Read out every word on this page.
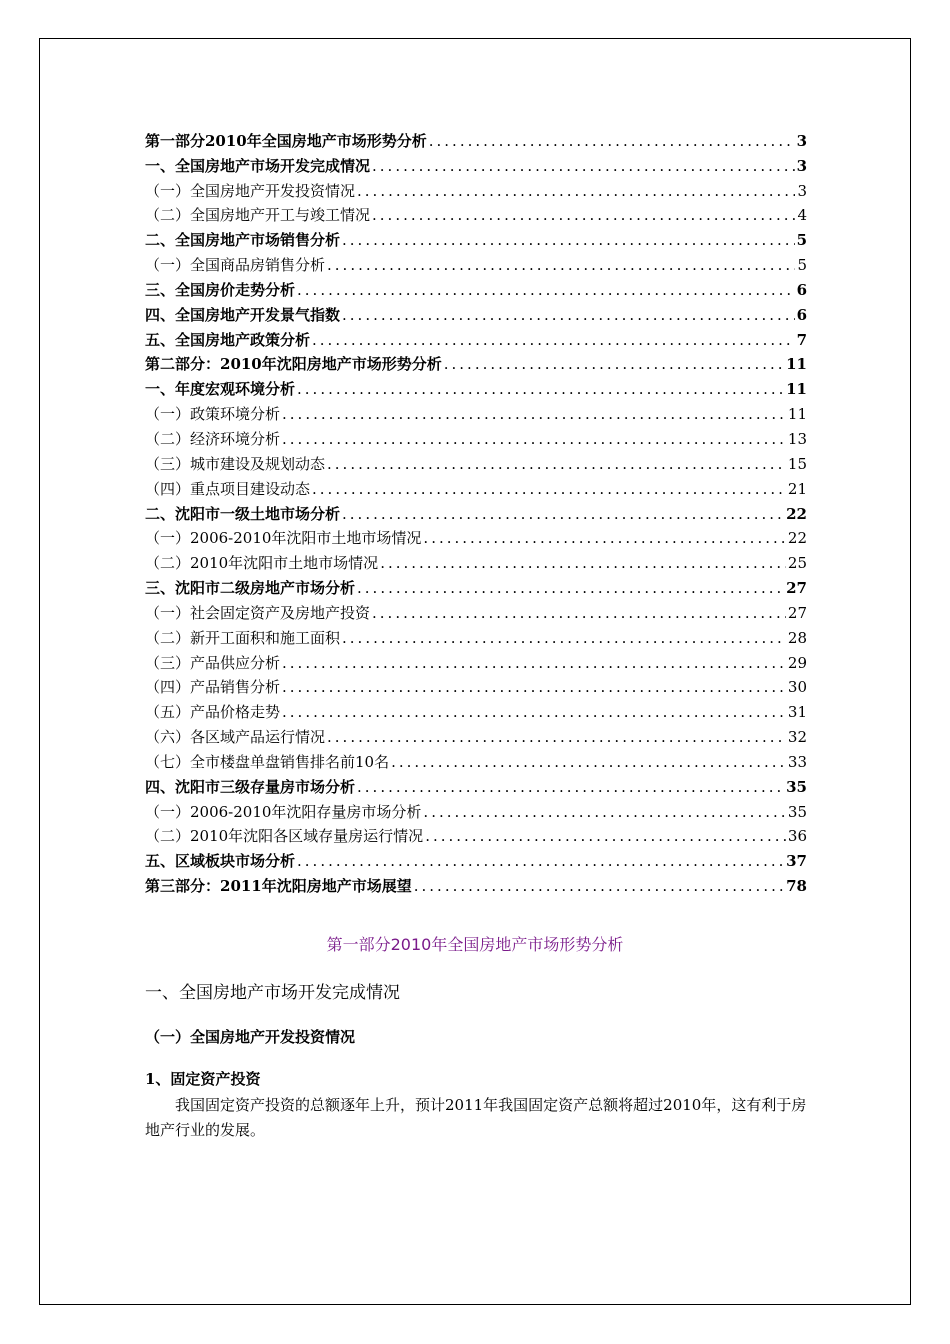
第一部分2010年全国房地产市场形势分析 .....	3
一、全国房地产市场开发完成情况 .....	3
（一）全国房地产开发投资情况 .....	3
（二）全国房地产开工与竣工情况 .....	4
二、全国房地产市场销售分析 .....	5
（一）全国商品房销售分析 .....	5
三、全国房价走势分析 .....	6
四、全国房地产开发景气指数 .....	6
五、全国房地产政策分析 .....	7
第二部分：2010年沈阳房地产市场形势分析 .....	11
一、年度宏观环境分析 .....	11
（一）政策环境分析 .....	11
（二）经济环境分析 .....	13
（三）城市建设及规划动态 .....	15
（四）重点项目建设动态 .....	21
二、沈阳市一级土地市场分析 .....	22
（一）2006-2010年沈阳市土地市场情况 .....	22
（二）2010年沈阳市土地市场情况 .....	25
三、沈阳市二级房地产市场分析 .....	27
（一）社会固定资产及房地产投资 .....	27
（二）新开工面积和施工面积 .....	28
（三）产品供应分析 .....	29
（四）产品销售分析 .....	30
（五）产品价格走势 .....	31
（六）各区域产品运行情况 .....	32
（七）全市楼盘单盘销售排名前10名 .....	33
四、沈阳市三级存量房市场分析 .....	35
（一）2006-2010年沈阳存量房市场分析 .....	35
（二）2010年沈阳各区域存量房运行情况 .....	36
五、区域板块市场分析 .....	37
第三部分：2011年沈阳房地产市场展望 .....	78
第一部分2010年全国房地产市场形势分析
一、全国房地产市场开发完成情况
（一）全国房地产开发投资情况
1、固定资产投资
我国固定资产投资的总额逐年上升，预计2011年我国固定资产总额将超过2010年，这有利于房地产行业的发展。
